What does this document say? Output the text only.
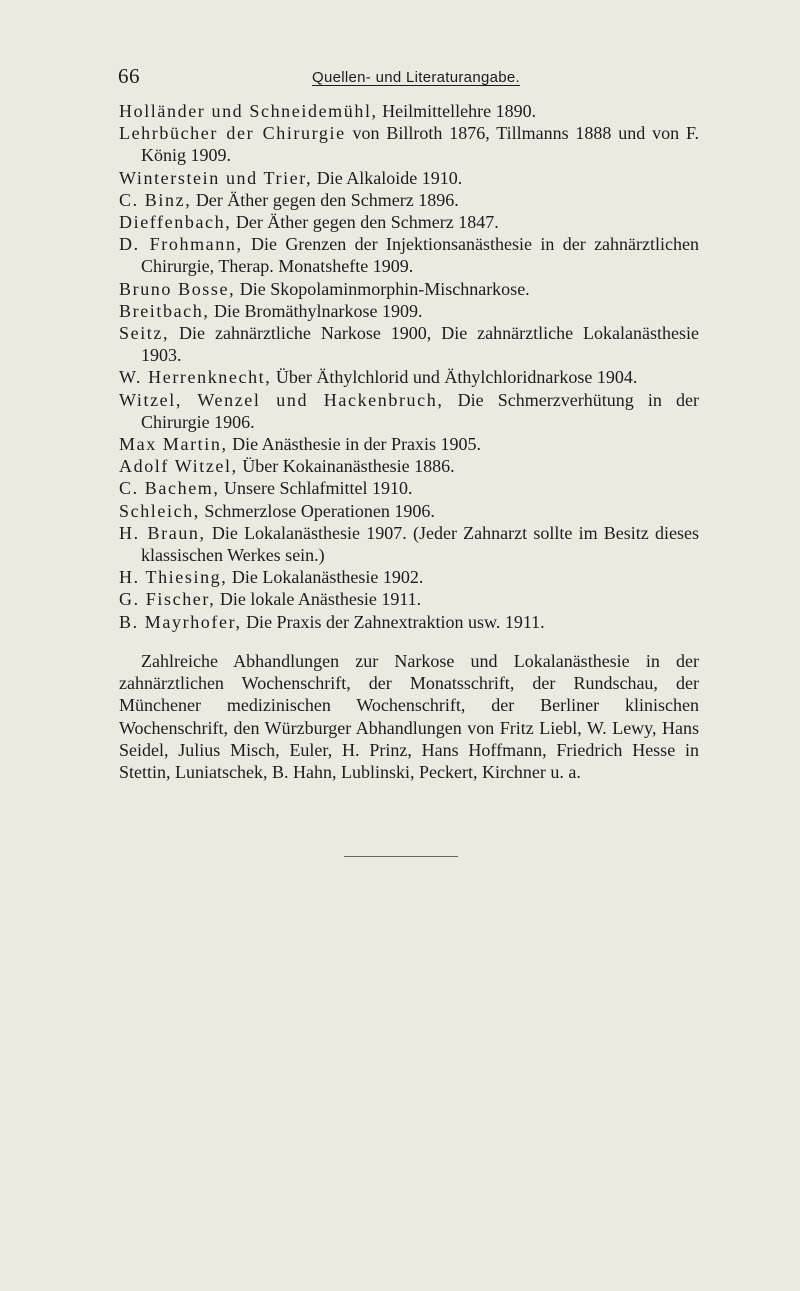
66	Quellen- und Literaturangabe.
Holländer und Schneidemühl, Heilmittellehre 1890.
Lehrbücher der Chirurgie von Billroth 1876, Tillmanns 1888 und von F. König 1909.
Winterstein und Trier, Die Alkaloide 1910.
C. Binz, Der Äther gegen den Schmerz 1896.
Dieffenbach, Der Äther gegen den Schmerz 1847.
D. Frohmann, Die Grenzen der Injektionsanästhesie in der zahnärztlichen Chirurgie, Therap. Monatshefte 1909.
Bruno Bosse, Die Skopolaminmorphin-Mischnarkose.
Breitbach, Die Bromäthylnarkose 1909.
Seitz, Die zahnärztliche Narkose 1900, Die zahnärztliche Lokalanästhesie 1903.
W. Herrenknecht, Über Äthylchlorid und Äthylchloridnarkose 1904.
Witzel, Wenzel und Hackenbruch, Die Schmerzverhütung in der Chirurgie 1906.
Max Martin, Die Anästhesie in der Praxis 1905.
Adolf Witzel, Über Kokainanästhesie 1886.
C. Bachem, Unsere Schlafmittel 1910.
Schleich, Schmerzlose Operationen 1906.
H. Braun, Die Lokalanästhesie 1907. (Jeder Zahnarzt sollte im Besitz dieses klassischen Werkes sein.)
H. Thiesing, Die Lokalanästhesie 1902.
G. Fischer, Die lokale Anästhesie 1911.
B. Mayrhofer, Die Praxis der Zahnextraktion usw. 1911.

Zahlreiche Abhandlungen zur Narkose und Lokalanästhesie in der zahnärztlichen Wochenschrift, der Monatsschrift, der Rundschau, der Münchener medizinischen Wochenschrift, der Berliner klinischen Wochenschrift, den Würzburger Abhandlungen von Fritz Liebl, W. Lewy, Hans Seidel, Julius Misch, Euler, H. Prinz, Hans Hoffmann, Friedrich Hesse in Stettin, Luniatschek, B. Hahn, Lublinski, Peckert, Kirchner u. a.
